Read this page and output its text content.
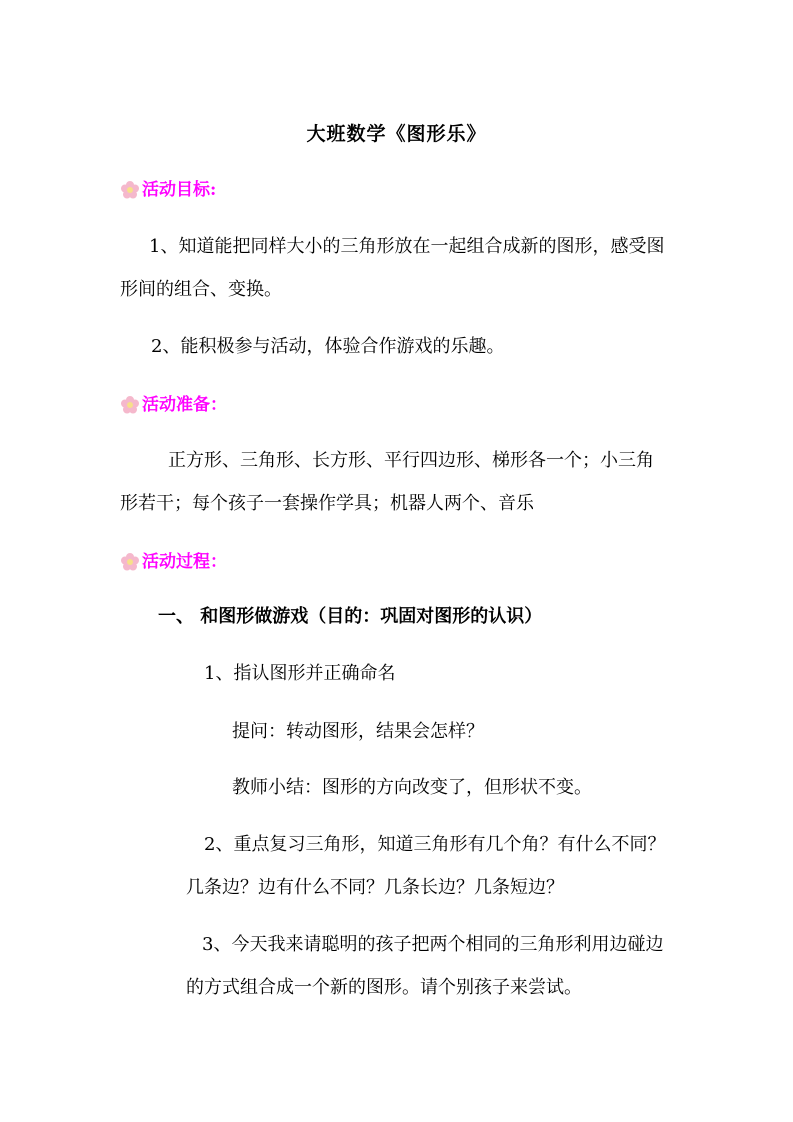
大班数学《图形乐》
活动目标:
1、知道能把同样大小的三角形放在一起组合成新的图形，感受图
形间的组合、变换。
2、能积极参与活动，体验合作游戏的乐趣。
活动准备：
正方形、三角形、长方形、平行四边形、梯形各一个；小三角
形若干；每个孩子一套操作学具；机器人两个、音乐
活动过程：
一、 和图形做游戏（目的：巩固对图形的认识）
1、指认图形并正确命名
提问：转动图形，结果会怎样？
教师小结：图形的方向改变了，但形状不变。
2、重点复习三角形，知道三角形有几个角？有什么不同？
几条边？边有什么不同？几条长边？几条短边？
3、今天我来请聪明的孩子把两个相同的三角形利用边碰边
的方式组合成一个新的图形。请个别孩子来尝试。
